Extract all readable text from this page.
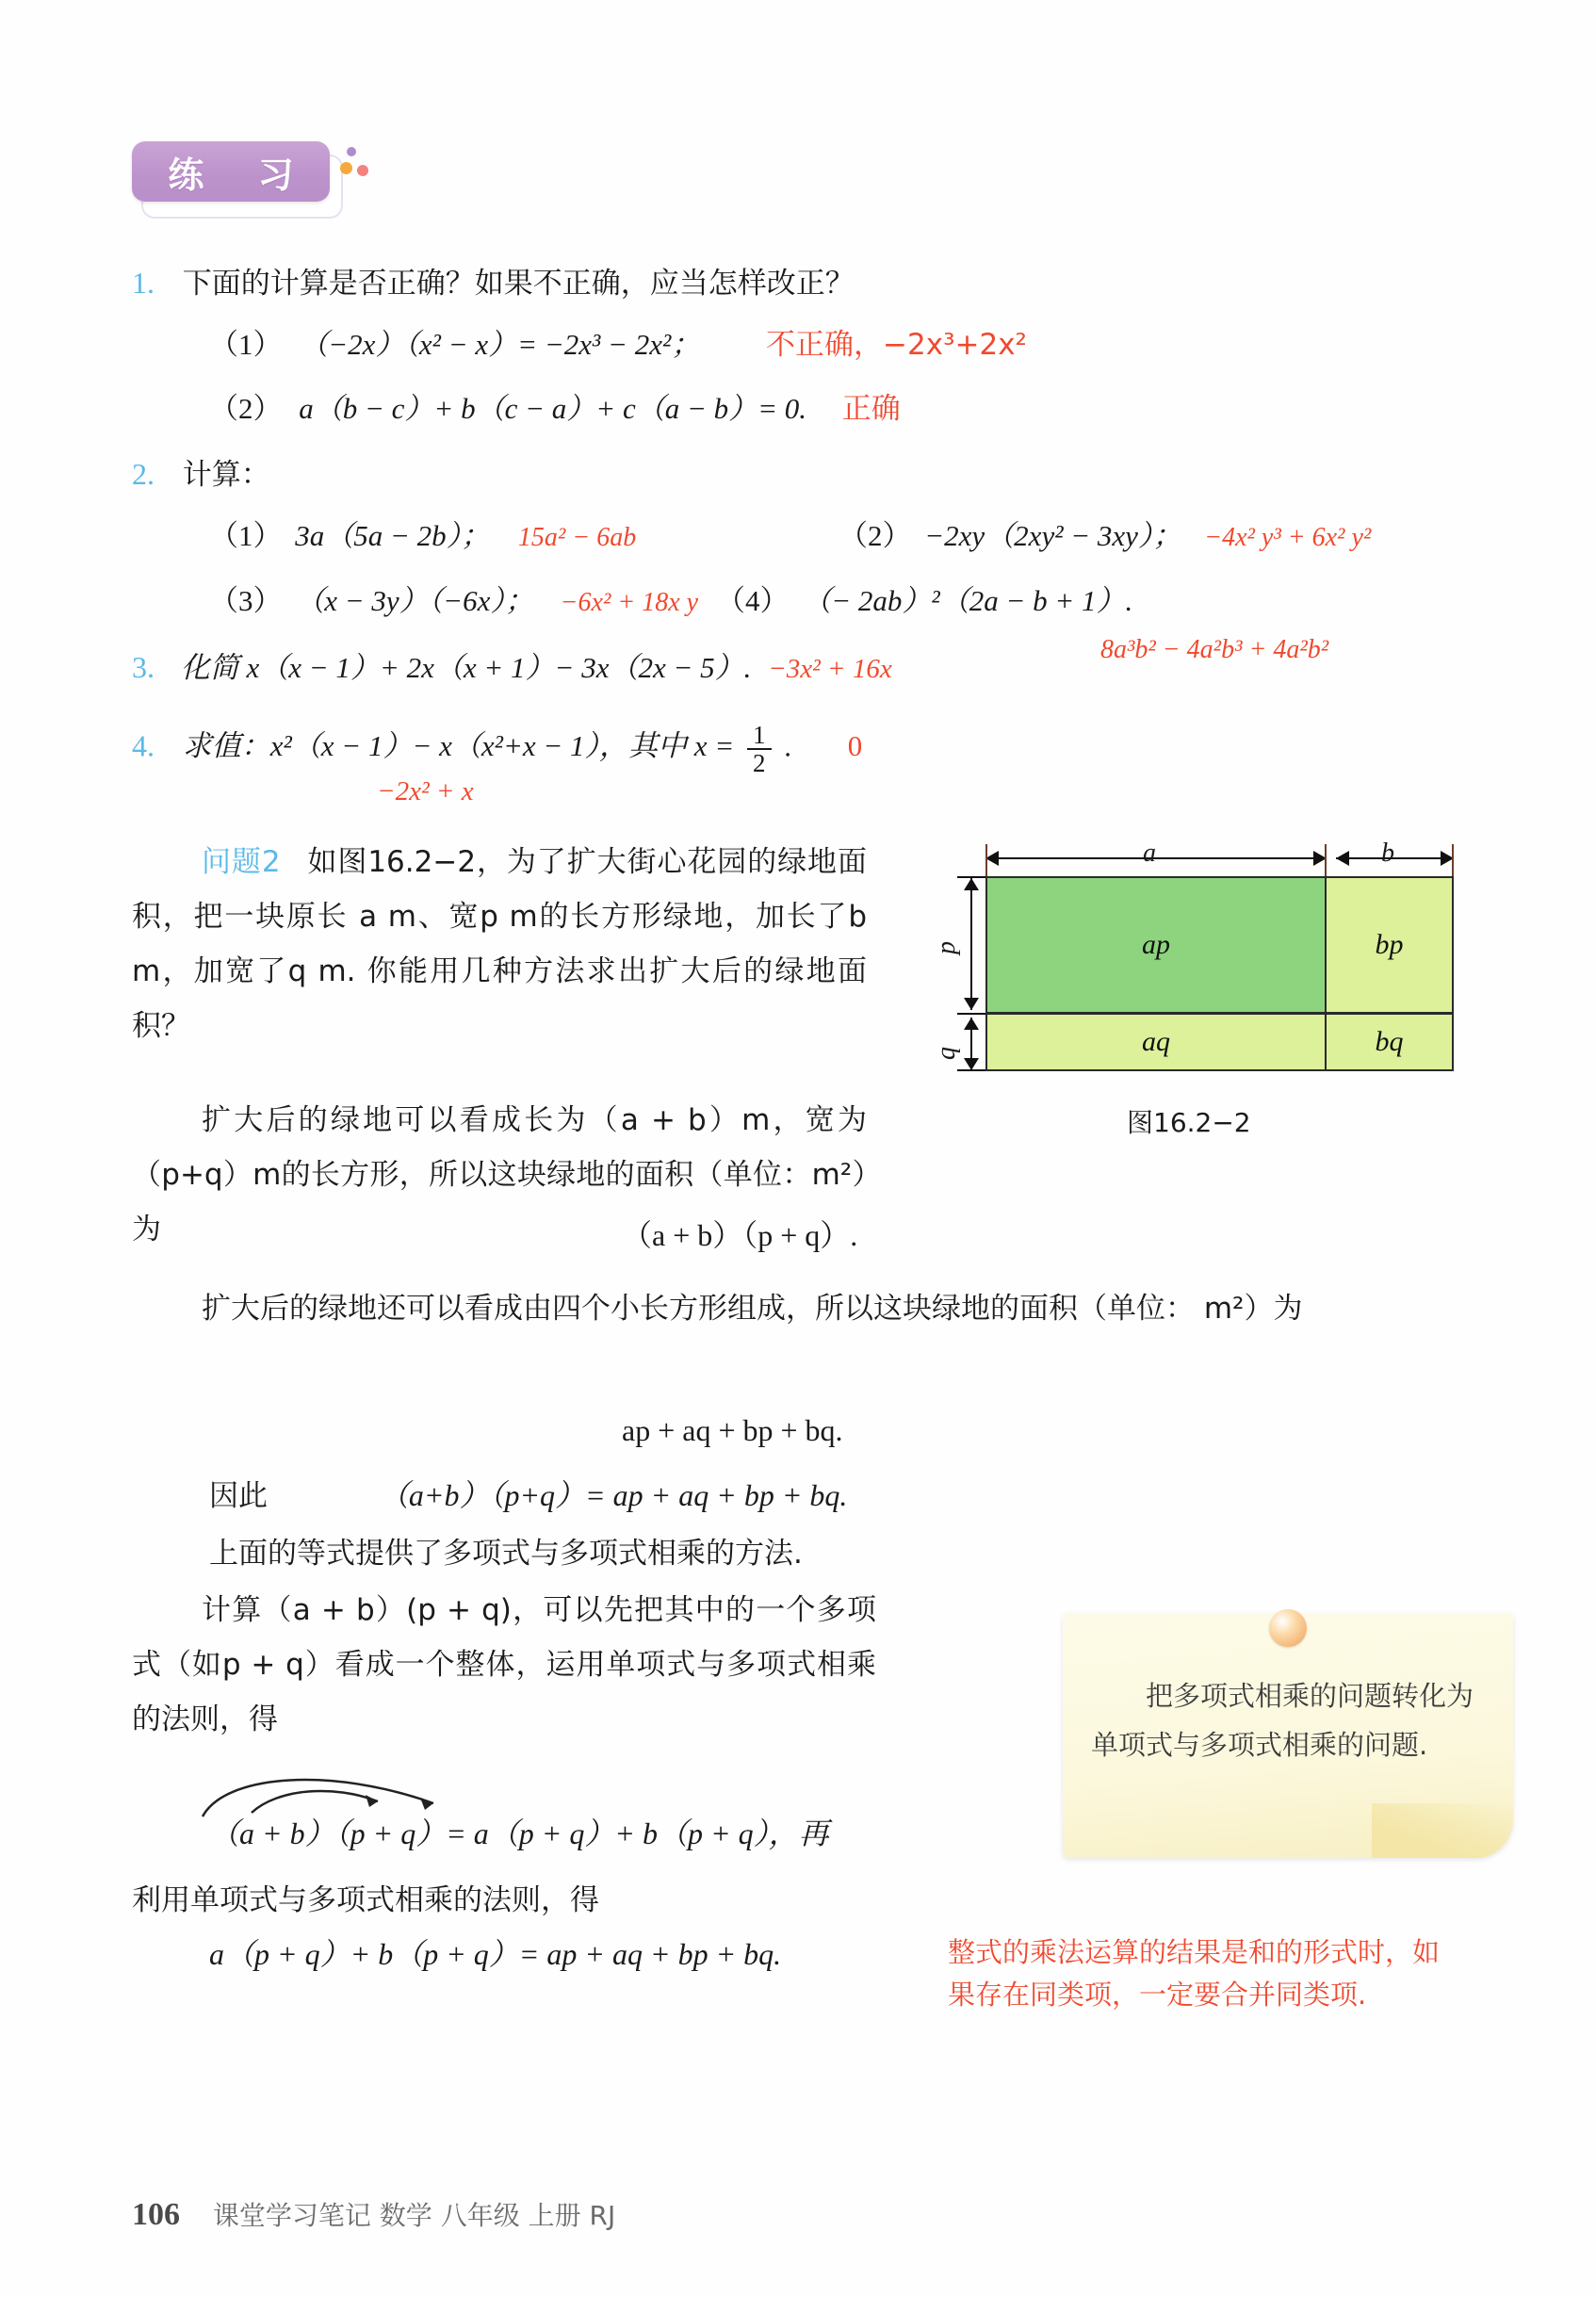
练 习
1. 下面的计算是否正确？如果不正确，应当怎样改正？
（1） （−2x）（x² − x）= −2x³ − 2x²； 不正确，−2x³+2x²
（2） a（b − c）+ b（c − a）+ c（a − b）= 0. 正确
2. 计算：
（1） 3a（5a − 2b）； 15a² − 6ab	（2） −2xy（2xy² − 3xy）； −4x² y³ + 6x² y²
（3） （x − 3y）（−6x）； −6x² + 18x y （4） （− 2ab）²（2a − b + 1）.
8a³b² − 4a²b³ + 4a²b²
3. 化简 x（x − 1）+ 2x（x + 1）− 3x（2x − 5）. −3x² + 16x
4. 求值：x²（x − 1）− x（x²+x − 1），其中 $x = \frac{1}{2}$ . 0
−2x² + x
问题2 如图16.2−2，为了扩大街心花园的绿地面积，把一块原长 a m、宽p m的长方形绿地，加长了b m，加宽了q m. 你能用几种方法求出扩大后的绿地面积？
a	b
p
q
ap	bp
aq	bq
图16.2−2
扩大后的绿地可以看成长为（a + b）m，宽为（p+q）m的长方形，所以这块绿地的面积（单位：m²）为	（a + b）（p + q）.
扩大后的绿地还可以看成由四个小长方形组成，所以这块绿地的面积（单位： m²）为
ap + aq + bp + bq.
因此	（a+b）（p+q）= ap + aq + bp + bq.
上面的等式提供了多项式与多项式相乘的方法.
计算（a + b）(p + q)，可以先把其中的一个多项式（如p + q）看成一个整体，运用单项式与多项式相乘的法则，得
（a + b）（p + q）= a（p + q）+ b（p + q），再
利用单项式与多项式相乘的法则，得
a（p + q）+ b（p + q）= ap + aq + bp + bq.
把多项式相乘的问题转化为单项式与多项式相乘的问题.
整式的乘法运算的结果是和的形式时，如果存在同类项，一定要合并同类项.
106 课堂学习笔记 数学 八年级 上册 RJ
